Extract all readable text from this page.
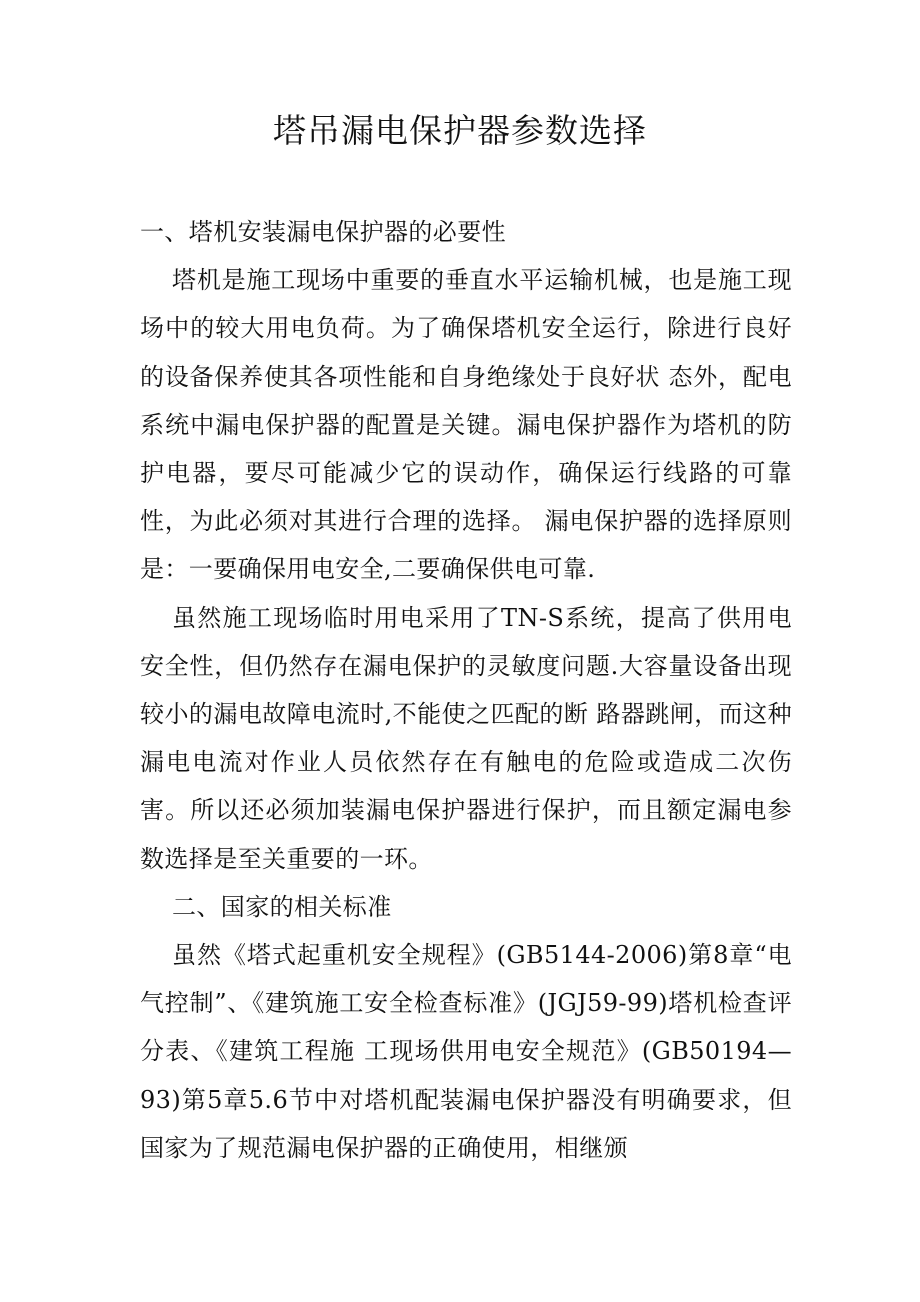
塔吊漏电保护器参数选择

一、塔机安装漏电保护器的必要性

塔机是施工现场中重要的垂直水平运输机械，也是施工现场中的较大用电负荷。为了确保塔机安全运行，除进行良好的设备保养使其各项性能和自身绝缘处于良好状 态外，配电系统中漏电保护器的配置是关键。漏电保护器作为塔机的防护电器，要尽可能减少它的误动作，确保运行线路的可靠性，为此必须对其进行合理的选择。 漏电保护器的选择原则是：一要确保用电安全,二要确保供电可靠.

虽然施工现场临时用电采用了TN-S系统，提高了供用电安全性，但仍然存在漏电保护的灵敏度问题.大容量设备出现较小的漏电故障电流时,不能使之匹配的断 路器跳闸，而这种漏电电流对作业人员依然存在有触电的危险或造成二次伤害。所以还必须加装漏电保护器进行保护，而且额定漏电参数选择是至关重要的一环。

二、国家的相关标准

虽然《塔式起重机安全规程》(GB5144-2006)第8章“电气控制”、《建筑施工安全检查标准》(JGJ59-99)塔机检查评分表、《建筑工程施 工现场供用电安全规范》(GB50194—93)第5章5.6节中对塔机配装漏电保护器没有明确要求，但国家为了规范漏电保护器的正确使用，相继颁
